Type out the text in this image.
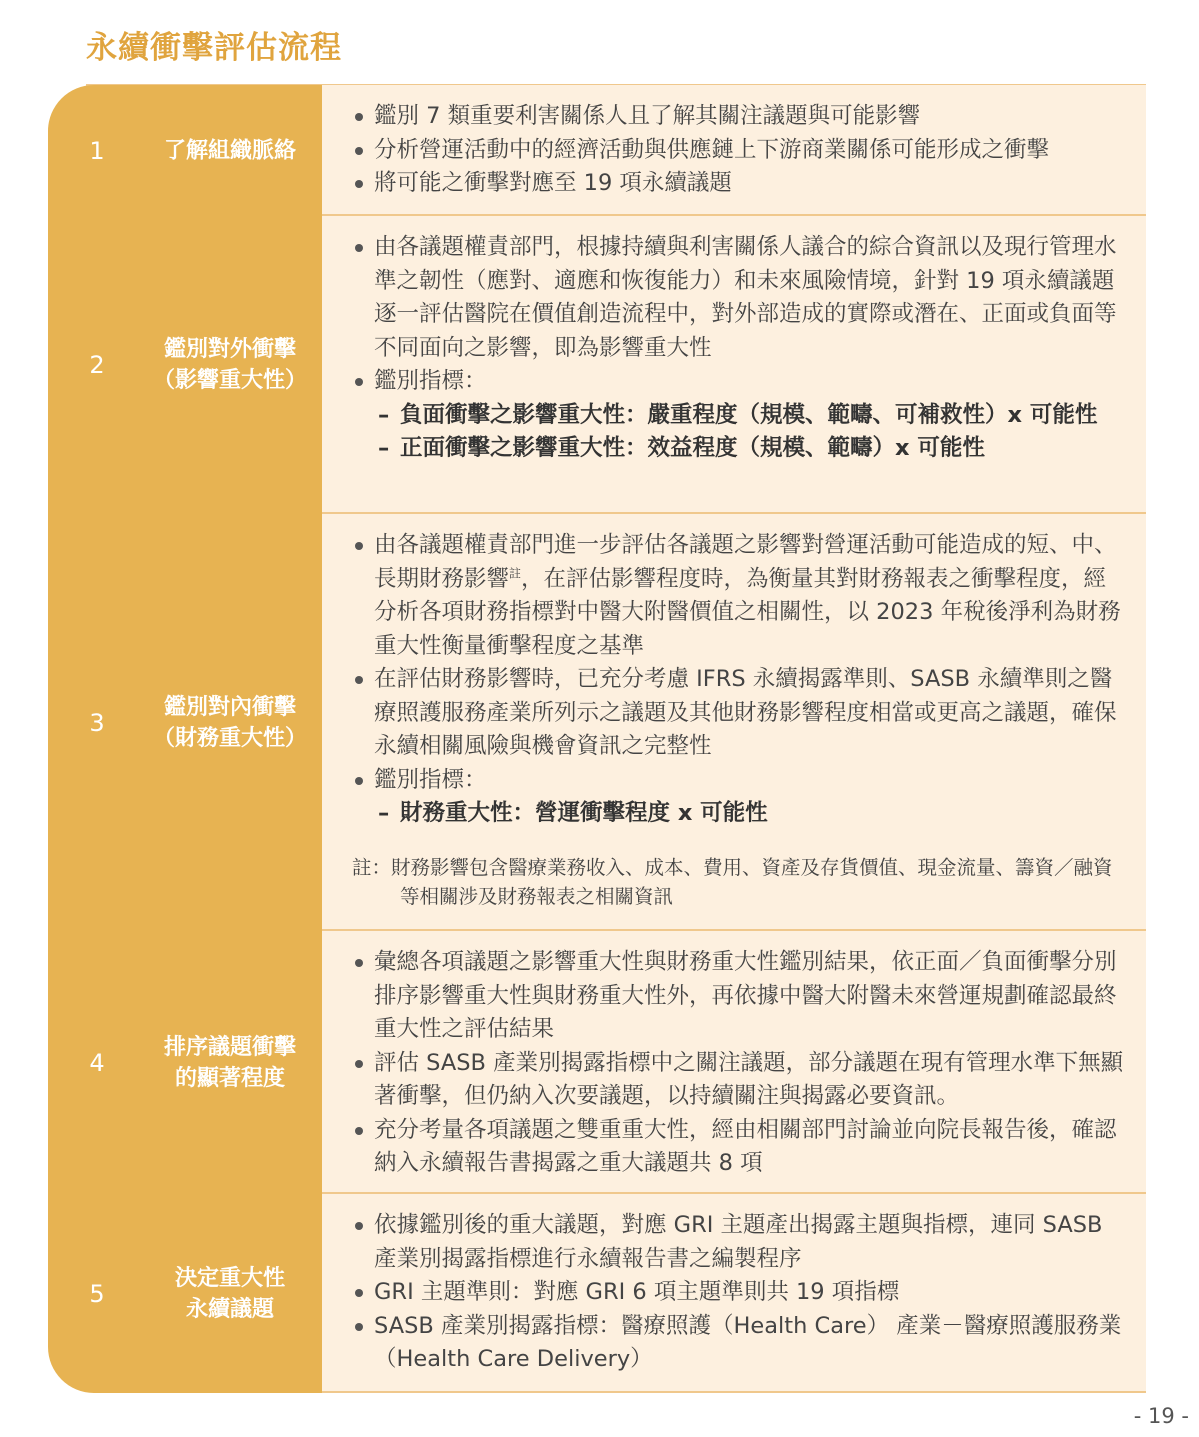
永續衝擊評估流程
1	了解組織脈絡
鑑別 7 類重要利害關係人且了解其關注議題與可能影響
分析營運活動中的經濟活動與供應鏈上下游商業關係可能形成之衝擊
將可能之衝擊對應至 19 項永續議題
2
鑑別對外衝擊
（影響重大性）
由各議題權責部門，根據持續與利害關係人議合的綜合資訊以及現行管理水準之韌性（應對、適應和恢復能力）和未來風險情境，針對 19 項永續議題逐一評估醫院在價值創造流程中，對外部造成的實際或潛在、正面或負面等不同面向之影響，即為影響重大性
鑑別指標：
– 負面衝擊之影響重大性：嚴重程度（規模、範疇、可補救性）x 可能性
– 正面衝擊之影響重大性：效益程度（規模、範疇）x 可能性
3
鑑別對內衝擊
（財務重大性）
由各議題權責部門進一步評估各議題之影響對營運活動可能造成的短、中、長期財務影響$^註$，在評估影響程度時，為衡量其對財務報表之衝擊程度，經分析各項財務指標對中醫大附醫價值之相關性，以 2023 年稅後淨利為財務重大性衡量衝擊程度之基準
在評估財務影響時，已充分考慮 IFRS 永續揭露準則、SASB 永續準則之醫療照護服務產業所列示之議題及其他財務影響程度相當或更高之議題，確保永續相關風險與機會資訊之完整性
鑑別指標：
– 財務重大性：營運衝擊程度 x 可能性
註：財務影響包含醫療業務收入、成本、費用、資產及存貨價值、現金流量、籌資／融資等相關涉及財務報表之相關資訊
4
排序議題衝擊
的顯著程度
彙總各項議題之影響重大性與財務重大性鑑別結果，依正面／負面衝擊分別排序影響重大性與財務重大性外，再依據中醫大附醫未來營運規劃確認最終重大性之評估結果
評估 SASB 產業別揭露指標中之關注議題，部分議題在現有管理水準下無顯著衝擊，但仍納入次要議題，以持續關注與揭露必要資訊。
充分考量各項議題之雙重重大性，經由相關部門討論並向院長報告後，確認納入永續報告書揭露之重大議題共 8 項
5
決定重大性
永續議題
依據鑑別後的重大議題，對應 GRI 主題產出揭露主題與指標，連同 SASB 產業別揭露指標進行永續報告書之編製程序
GRI 主題準則：對應 GRI 6 項主題準則共 19 項指標
SASB 產業別揭露指標：醫療照護（Health Care） 產業－醫療照護服務業（Health Care Delivery）
- 19 -
